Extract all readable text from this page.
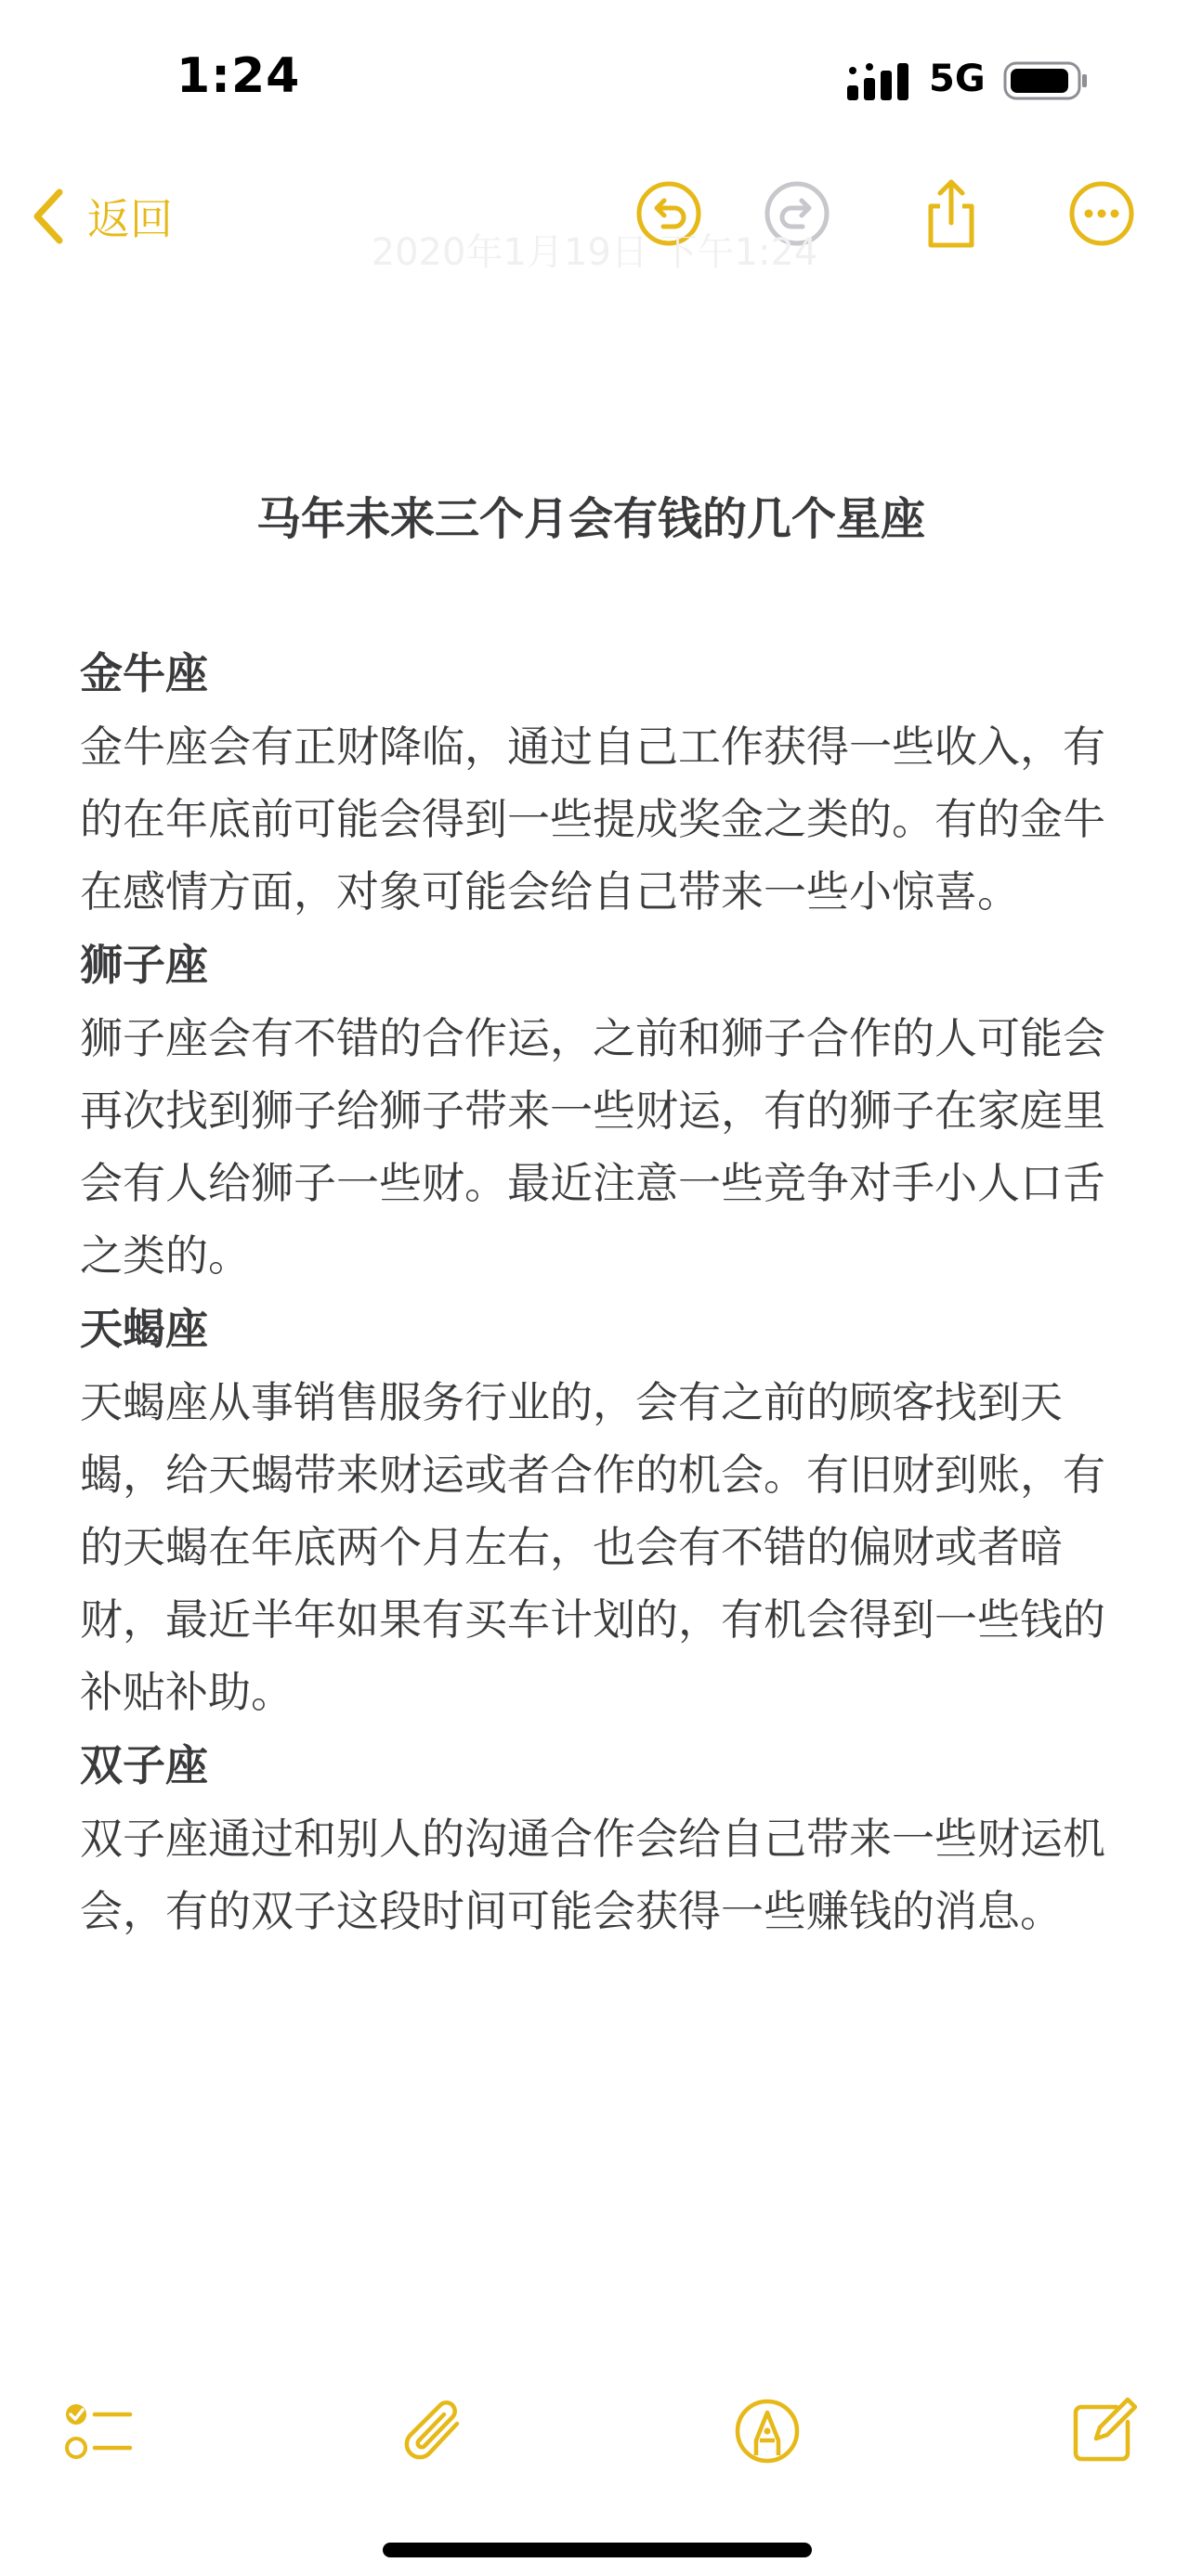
1:24	5G
返回
2020年1月19日 下午1:24
马年未来三个月会有钱的几个星座
金牛座

金牛座会有正财降临，通过自己工作获得一些收入，有的在年底前可能会得到一些提成奖金之类的。有的金牛在感情方面，对象可能会给自己带来一些小惊喜。

狮子座

狮子座会有不错的合作运，之前和狮子合作的人可能会再次找到狮子给狮子带来一些财运，有的狮子在家庭里会有人给狮子一些财。最近注意一些竞争对手小人口舌之类的。

天蝎座

天蝎座从事销售服务行业的，会有之前的顾客找到天蝎，给天蝎带来财运或者合作的机会。有旧财到账，有的天蝎在年底两个月左右，也会有不错的偏财或者暗财，最近半年如果有买车计划的，有机会得到一些钱的补贴补助。

双子座

双子座通过和别人的沟通合作会给自己带来一些财运机会，有的双子这段时间可能会获得一些赚钱的消息。
